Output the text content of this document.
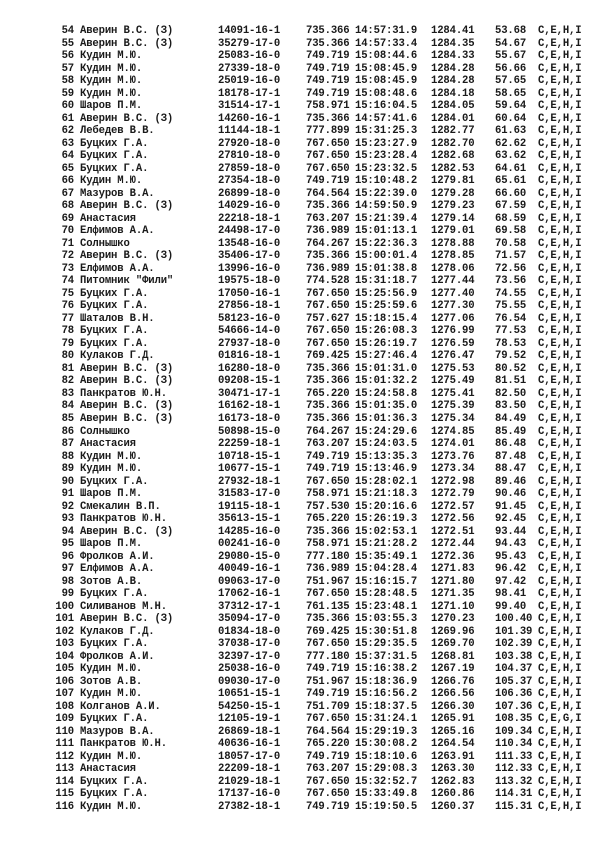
54 Аверин В.С. (З)	14091-16-1 735.366 14:57:31.9 1284.41 53.68 C,E,H,I
55 Аверин В.С. (З)	35279-17-0 735.366 14:57:33.4 1284.35 54.67 C,E,H,I
56 Кудин М.Ю.	25083-16-0 749.719 15:08:44.6 1284.33 55.67 C,E,H,I
57 Кудин М.Ю.	27339-18-0 749.719 15:08:45.9 1284.28 56.66 C,E,H,I
58 Кудин М.Ю.	25019-16-0 749.719 15:08:45.9 1284.28 57.65 C,E,H,I
59 Кудин М.Ю.	18178-17-1 749.719 15:08:48.6 1284.18 58.65 C,E,H,I
60 Шаров П.М.	31514-17-1 758.971 15:16:04.5 1284.05 59.64 C,E,H,I
61 Аверин В.С. (З)	14260-16-1 735.366 14:57:41.6 1284.01 60.64 C,E,H,I
62 Лебедев В.В.	11144-18-1 777.899 15:31:25.3 1282.77 61.63 C,E,H,I
63 Буцких Г.А.	27920-18-0 767.650 15:23:27.9 1282.70 62.62 C,E,H,I
64 Буцких Г.А.	27810-18-0 767.650 15:23:28.4 1282.68 63.62 C,E,H,I
65 Буцких Г.А.	27859-18-0 767.650 15:23:32.5 1282.53 64.61 C,E,H,I
66 Кудин М.Ю.	27354-18-0 749.719 15:10:48.2 1279.81 65.61 C,E,H,I
67 Мазуров В.А.	26899-18-0 764.564 15:22:39.0 1279.28 66.60 C,E,H,I
68 Аверин В.С. (З)	14029-16-0 735.366 14:59:50.9 1279.23 67.59 C,E,H,I
69 Анастасия	22218-18-1 763.207 15:21:39.4 1279.14 68.59 C,E,H,I
70 Елфимов А.А.	24498-17-0 736.989 15:01:13.1 1279.01 69.58 C,E,H,I
71 Солнышко	13548-16-0 764.267 15:22:36.3 1278.88 70.58 C,E,H,I
72 Аверин В.С. (З)	35406-17-0 735.366 15:00:01.4 1278.85 71.57 C,E,H,I
73 Елфимов А.А.	13996-16-0 736.989 15:01:38.8 1278.06 72.56 C,E,H,I
74 Питомник "Фили"	19575-18-0 774.528 15:31:18.7 1277.44 73.56 C,E,H,I
75 Буцких Г.А.	17050-16-1 767.650 15:25:56.9 1277.40 74.55 C,E,H,I
76 Буцких Г.А.	27856-18-1 767.650 15:25:59.6 1277.30 75.55 C,E,H,I
77 Шаталов В.Н.	58123-16-0 757.627 15:18:15.4 1277.06 76.54 C,E,H,I
78 Буцких Г.А.	54666-14-0 767.650 15:26:08.3 1276.99 77.53 C,E,H,I
79 Буцких Г.А.	27937-18-0 767.650 15:26:19.7 1276.59 78.53 C,E,H,I
80 Кулаков Г.Д.	01816-18-1 769.425 15:27:46.4 1276.47 79.52 C,E,H,I
81 Аверин В.С. (З)	16280-18-0 735.366 15:01:31.0 1275.53 80.52 C,E,H,I
82 Аверин В.С. (З)	09208-15-1 735.366 15:01:32.2 1275.49 81.51 C,E,H,I
83 Панкратов Ю.Н.	30471-17-1 765.220 15:24:58.8 1275.41 82.50 C,E,H,I
84 Аверин В.С. (З)	16162-18-1 735.366 15:01:35.0 1275.39 83.50 C,E,H,I
85 Аверин В.С. (З)	16173-18-0 735.366 15:01:36.3 1275.34 84.49 C,E,H,I
86 Солнышко	50898-15-0 764.267 15:24:29.6 1274.85 85.49 C,E,H,I
87 Анастасия	22259-18-1 763.207 15:24:03.5 1274.01 86.48 C,E,H,I
88 Кудин М.Ю.	10718-15-1 749.719 15:13:35.3 1273.76 87.48 C,E,H,I
89 Кудин М.Ю.	10677-15-1 749.719 15:13:46.9 1273.34 88.47 C,E,H,I
90 Буцких Г.А.	27932-18-1 767.650 15:28:02.1 1272.98 89.46 C,E,H,I
91 Шаров П.М.	31583-17-0 758.971 15:21:18.3 1272.79 90.46 C,E,H,I
92 Смекалин В.П.	19115-18-1 757.530 15:20:16.6 1272.57 91.45 C,E,H,I
93 Панкратов Ю.Н.	35613-15-1 765.220 15:26:19.3 1272.56 92.45 C,E,H,I
94 Аверин В.С. (З)	14285-16-0 735.366 15:02:53.1 1272.51 93.44 C,E,H,I
95 Шаров П.М.	00241-16-0 758.971 15:21:28.2 1272.44 94.43 C,E,H,I
96 Фролков А.И.	29080-15-0 777.180 15:35:49.1 1272.36 95.43 C,E,H,I
97 Елфимов А.А.	40049-16-1 736.989 15:04:28.4 1271.83 96.42 C,E,H,I
98 Зотов А.В.	09063-17-0 751.967 15:16:15.7 1271.80 97.42 C,E,H,I
99 Буцких Г.А.	17062-16-1 767.650 15:28:48.5 1271.35 98.41 C,E,H,I
100 Силиванов М.Н.	37312-17-1 761.135 15:23:48.1 1271.10 99.40 C,E,H,I
101 Аверин В.С. (З)	35094-17-0 735.366 15:03:55.3 1270.23 100.40 C,E,H,I
102 Кулаков Г.Д.	01834-18-0 769.425 15:30:51.8 1269.96 101.39 C,E,H,I
103 Буцких Г.А.	37038-17-0 767.650 15:29:35.5 1269.70 102.39 C,E,H,I
104 Фролков А.И.	32397-17-0 777.180 15:37:31.5 1268.81 103.38 C,E,H,I
105 Кудин М.Ю.	25038-16-0 749.719 15:16:38.2 1267.19 104.37 C,E,H,I
106 Зотов А.В.	09030-17-0 751.967 15:18:36.9 1266.76 105.37 C,E,H,I
107 Кудин М.Ю.	10651-15-1 749.719 15:16:56.2 1266.56 106.36 C,E,H,I
108 Колганов А.И.	54250-15-1 751.709 15:18:37.5 1266.30 107.36 C,E,H,I
109 Буцких Г.А.	12105-19-1 767.650 15:31:24.1 1265.91 108.35 C,E,G,I
110 Мазуров В.А.	26869-18-1 764.564 15:29:19.3 1265.16 109.34 C,E,H,I
111 Панкратов Ю.Н.	40636-16-1 765.220 15:30:08.2 1264.54 110.34 C,E,H,I
112 Кудин М.Ю.	18057-17-0 749.719 15:18:10.6 1263.91 111.33 C,E,H,I
113 Анастасия	22209-18-1 763.207 15:29:08.3 1263.30 112.33 C,E,H,I
114 Буцких Г.А.	21029-18-1 767.650 15:32:52.7 1262.83 113.32 C,E,H,I
115 Буцких Г.А.	17137-16-0 767.650 15:33:49.8 1260.86 114.31 C,E,H,I
116 Кудин М.Ю.	27382-18-1 749.719 15:19:50.5 1260.37 115.31 C,E,H,I
